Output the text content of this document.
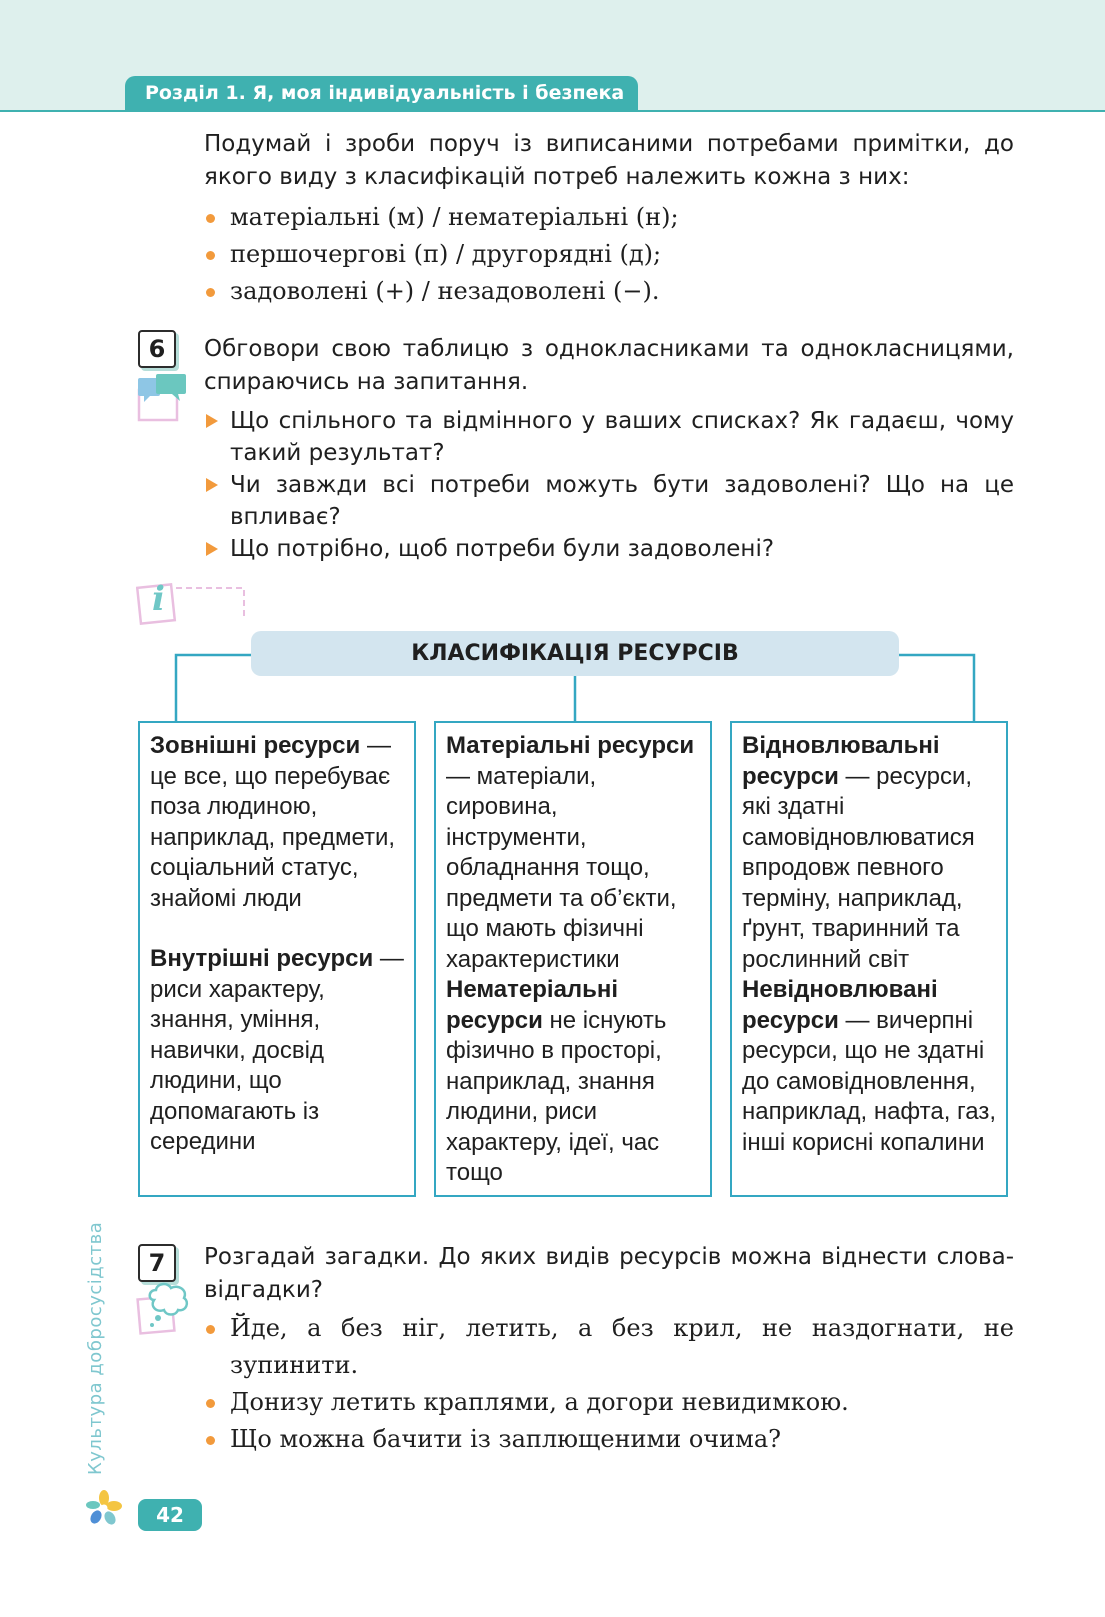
Розділ 1. Я, моя індивідуальність і безпека
Подумай і зроби поруч із виписаними потребами примітки, до якого виду з класифікацій потреб належить кожна з них:
матеріальні (м) / нематеріальні (н);
першочергові (п) / другорядні (д);
задоволені (+) / незадоволені (−).
6	Обговори свою таблицю з однокласниками та однокласницями, спираючись на запитання.
Що спільного та відмінного у ваших списках? Як гадаєш, чому такий результат?
Чи завжди всі потреби можуть бути задоволені? Що на це впливає?
Що потрібно, щоб потреби були задоволені?
i
КЛАСИФІКАЦІЯ РЕСУРСІВ

Зовнішні ресурси — це все, що перебуває поза людиною, наприклад, предмети, соціальний статус, знайомі люди

Внутрішні ресурси — риси характеру, знання, уміння, навички, досвід людини, що допомагають із середини

Матеріальні ресурси — матеріали, сировина, інструменти, обладнання тощо, предмети та об’єкти, що мають фізичні характеристики

Нематеріальні ресурси не існують фізично в просторі, наприклад, знання людини, риси характеру, ідеї, час тощо

Відновлювальні ресурси — ресурси, які здатні самовідновлюватися впродовж певного терміну, наприклад, ґрунт, тваринний та рослинний світ

Невідновлювані ресурси — вичерпні ресурси, що не здатні до самовідновлення, наприклад, нафта, газ, інші корисні копалини

7	Розгадай загадки. До яких видів ресурсів можна віднести слова-відгадки?
Йде, а без ніг, летить, а без крил, не наздогнати, не зупинити.
Донизу летить краплями, а догори невидимкою.
Що можна бачити із заплющеними очима?
Культура добросусідства
42
